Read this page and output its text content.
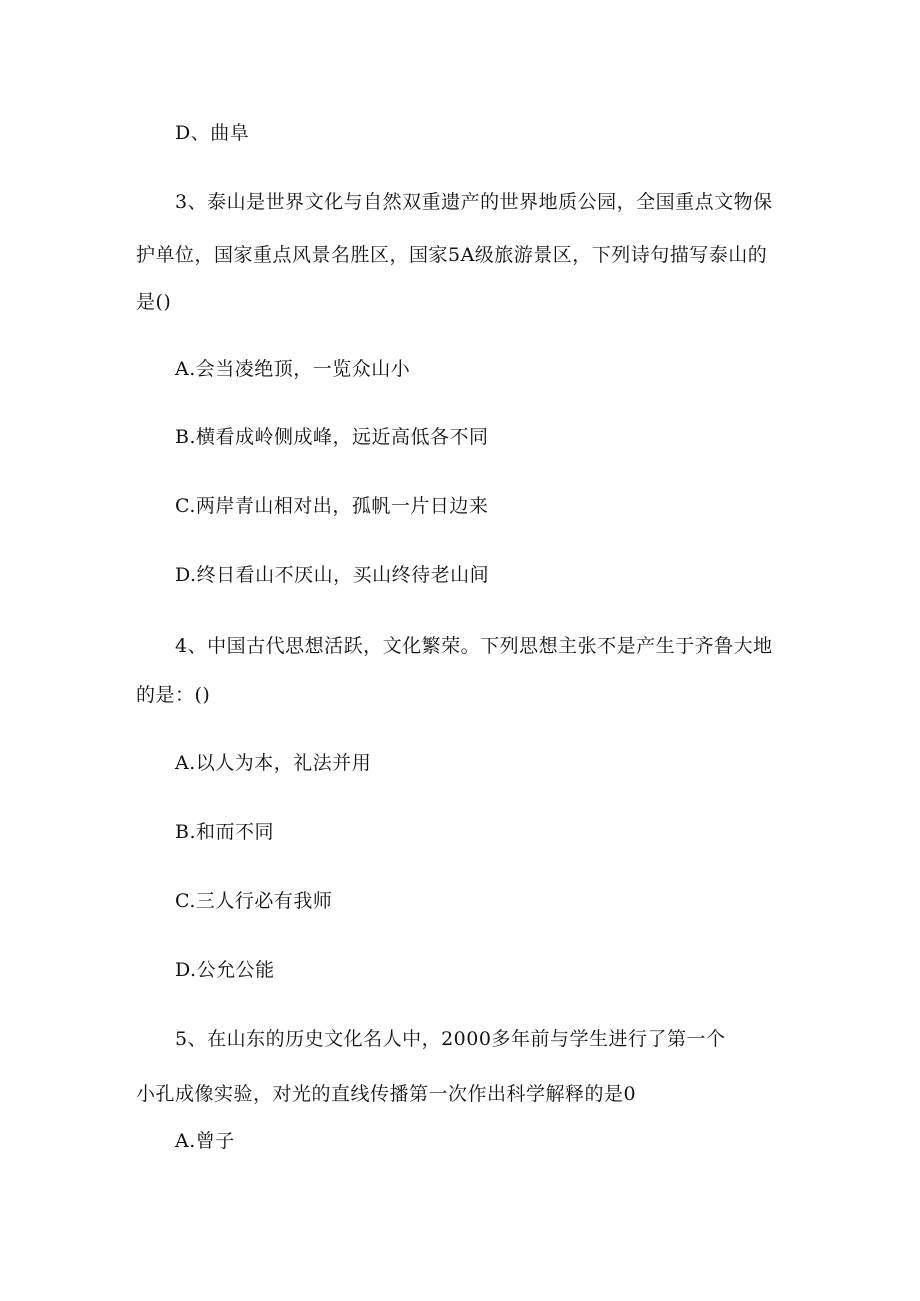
D、曲阜
3、泰山是世界文化与自然双重遗产的世界地质公园，全国重点文物保
护单位，国家重点风景名胜区，国家5A级旅游景区，下列诗句描写泰山的
是()
A.会当凌绝顶，一览众山小
B.横看成岭侧成峰，远近高低各不同
C.两岸青山相对出，孤帆一片日边来
D.终日看山不厌山，买山终待老山间
4、中国古代思想活跃，文化繁荣。下列思想主张不是产生于齐鲁大地
的是：()
A.以人为本，礼法并用
B.和而不同
C.三人行必有我师
D.公允公能
5、在山东的历史文化名人中，2000多年前与学生进行了第一个
小孔成像实验，对光的直线传播第一次作出科学解释的是0
A.曾子
